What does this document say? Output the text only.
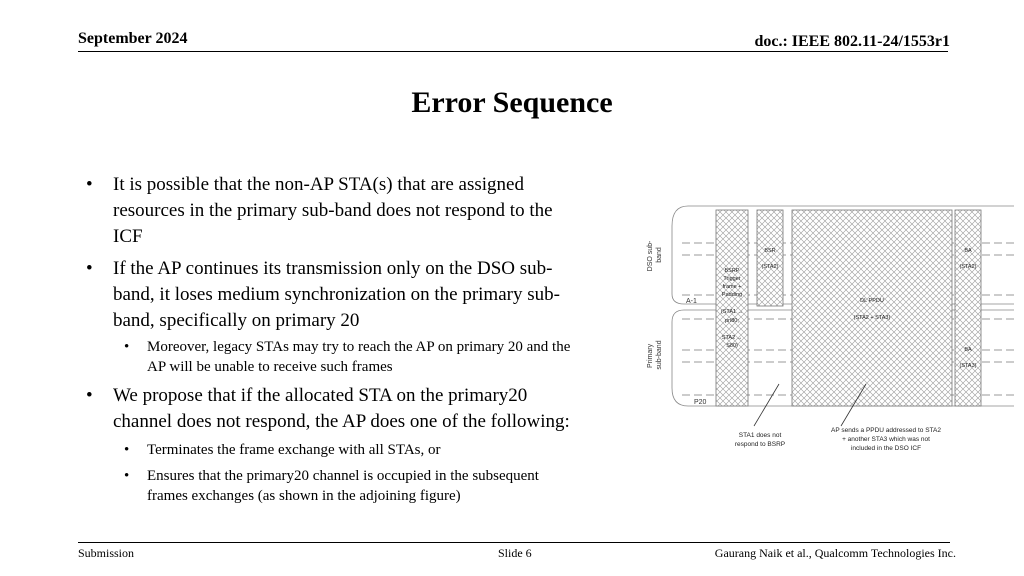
September 2024	doc.: IEEE 802.11-24/1553r1
Error Sequence
• It is possible that the non-AP STA(s) that are assigned
resources in the primary sub-band does not respond to the
ICF
• If the AP continues its transmission only on the DSO sub-
band, it loses medium synchronization on the primary sub-
band, specifically on primary 20
• Moreover, legacy STAs may try to reach the AP on primary 20 and the
AP will be unable to receive such frames
• We propose that if the allocated STA on the primary20
channel does not respond, the AP does one of the following:
• Terminates the frame exchange with all STAs, or
• Ensures that the primary20 channel is occupied in the subsequent
frames exchanges (as shown in the adjoining figure)
DSO sub- band
Primary sub-band
A-1
P20
BSRP
Trigger
frame +
Padding
(STA1 →
pri80;
STA2 →
S80)
BSR
(STA2)
DL PPDU
(STA2 + STA3)
BA
(STA2)
BA
(STA3)
STA1 does not
respond to BSRP
AP sends a PPDU addressed to STA2
+ another STA3 which was not
included in the DSO ICF
Submission	Slide 6	Gaurang Naik et al., Qualcomm Technologies Inc.
